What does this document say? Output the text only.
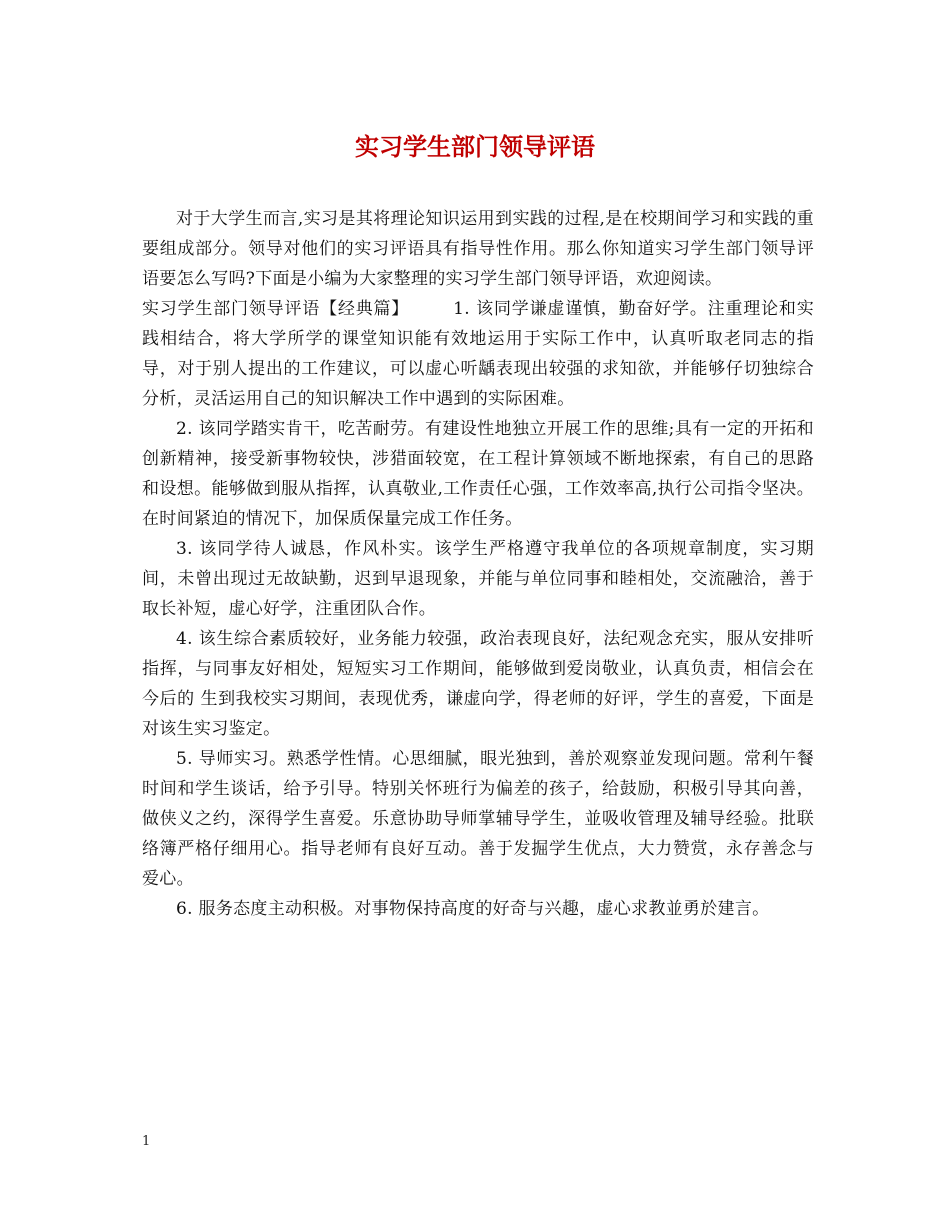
实习学生部门领导评语

对于大学生而言,实习是其将理论知识运用到实践的过程,是在校期间学习和实践的重要组成部分。领导对他们的实习评语具有指导性作用。那么你知道实习学生部门领导评语要怎么写吗?下面是小编为大家整理的实习学生部门领导评语，欢迎阅读。

实习学生部门领导评语【经典篇】	1. 该同学谦虚谨慎，勤奋好学。注重理论和实践相结合，将大学所学的课堂知识能有效地运用于实际工作中，认真听取老同志的指导，对于别人提出的工作建议，可以虚心听龋表现出较强的求知欲，并能够仔切独综合分析，灵活运用自己的知识解决工作中遇到的实际困难。

2. 该同学踏实肯干，吃苦耐劳。有建设性地独立开展工作的思维;具有一定的开拓和创新精神，接受新事物较快，涉猎面较宽，在工程计算领域不断地探索，有自己的思路和设想。能够做到服从指挥，认真敬业,工作责任心强，工作效率高,执行公司指令坚决。在时间紧迫的情况下，加保质保量完成工作任务。

3. 该同学待人诚恳，作风朴实。该学生严格遵守我单位的各项规章制度，实习期间，未曾出现过无故缺勤，迟到早退现象，并能与单位同事和睦相处，交流融洽，善于取长补短，虚心好学，注重团队合作。

4. 该生综合素质较好，业务能力较强，政治表现良好，法纪观念充实，服从安排听指挥，与同事友好相处，短短实习工作期间，能够做到爱岗敬业，认真负责，相信会在今后的 生到我校实习期间，表现优秀，谦虚向学，得老师的好评，学生的喜爱，下面是对该生实习鉴定。

5. 导师实习。熟悉学性情。心思细腻，眼光独到，善於观察並发现问题。常利午餐时间和学生谈话，给予引导。特别关怀班行为偏差的孩子，给鼓励，积极引导其向善，做侠义之约，深得学生喜爱。乐意协助导师掌辅导学生，並吸收管理及辅导经验。批联络簿严格仔细用心。指导老师有良好互动。善于发掘学生优点，大力赞赏，永存善念与爱心。

6. 服务态度主动积极。对事物保持高度的好奇与兴趣，虚心求教並勇於建言。

1
